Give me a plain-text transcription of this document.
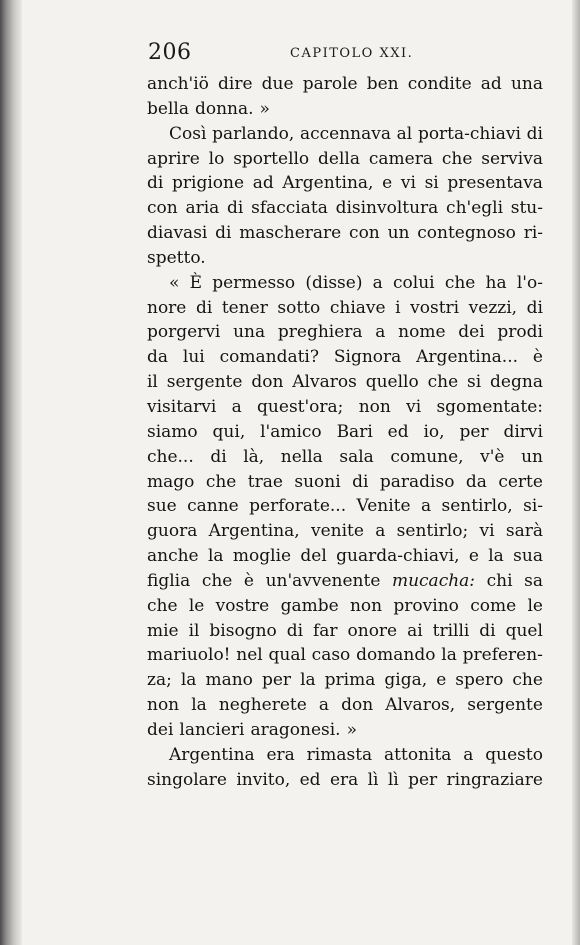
206	CAPITOLO XXI.
anch'iö dire due parole ben condite ad una
bella donna. »
Così parlando, accennava al porta-chiavi di
aprire lo sportello della camera che serviva
di prigione ad Argentina, e vi si presentava
con aria di sfacciata disinvoltura ch'egli stu-
diavasi di mascherare con un contegnoso ri-
spetto.
« È permesso (disse) a colui che ha l'o-
nore di tener sotto chiave i vostri vezzi, di
porgervi una preghiera a nome dei prodi
da lui comandati? Signora Argentina... è
il sergente don Alvaros quello che si degna
visitarvi a quest'ora; non vi sgomentate:
siamo qui, l'amico Bari ed io, per dirvi
che... di là, nella sala comune, v'è un
mago che trae suoni di paradiso da certe
sue canne perforate... Venite a sentirlo, si-
guora Argentina, venite a sentirlo; vi sarà
anche la moglie del guarda-chiavi, e la sua
figlia che è un'avvenente mucacha: chi sa
che le vostre gambe non provino come le
mie il bisogno di far onore ai trilli di quel
mariuolo! nel qual caso domando la preferen-
za; la mano per la prima giga, e spero che
non la negherete a don Alvaros, sergente
dei lancieri aragonesi. »
Argentina era rimasta attonita a questo
singolare invito, ed era lì lì per ringraziare
